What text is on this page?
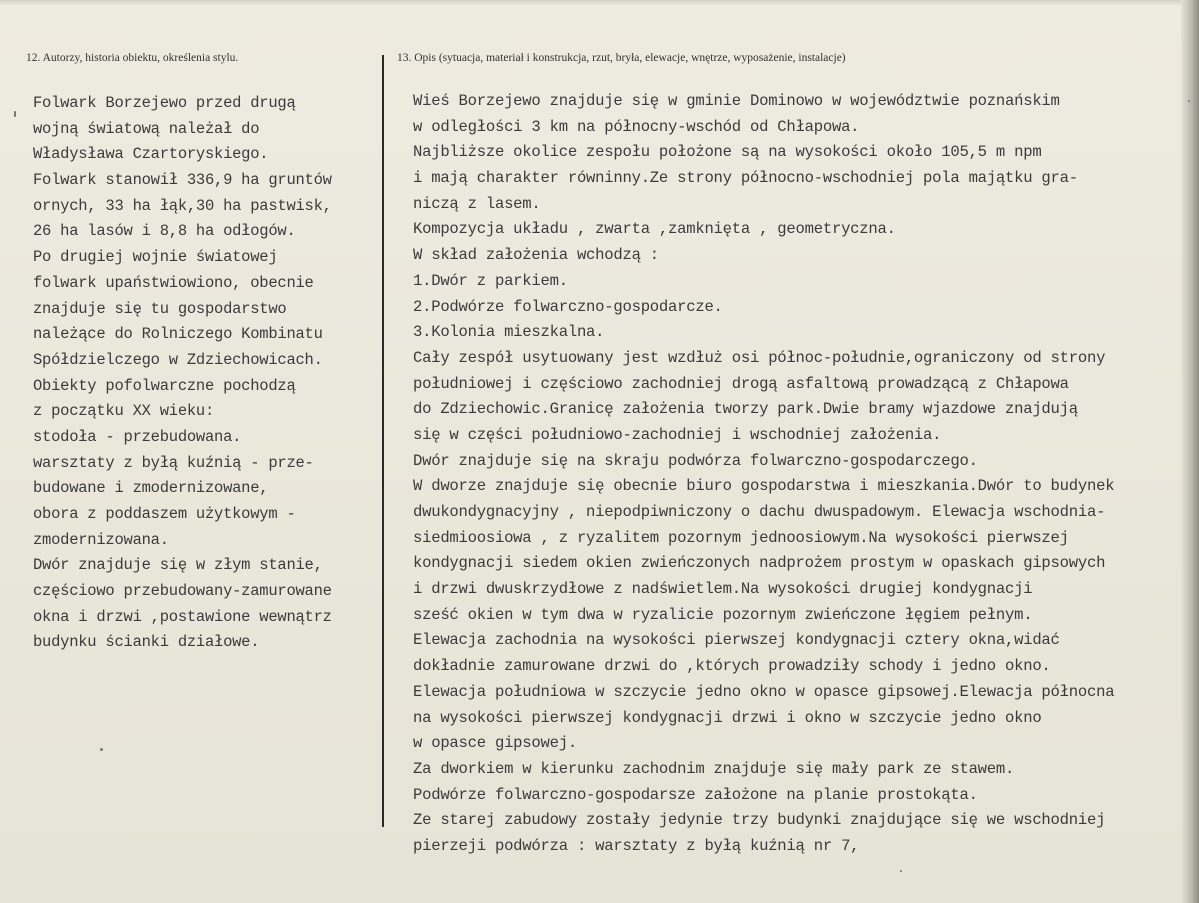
12. Autorzy, historia obiektu, określenia stylu.	13. Opis (sytuacja, materiał i konstrukcja, rzut, bryła, elewacje, wnętrze, wyposażenie, instalacje)
Folwark Borzejewo przed drugą
wojną światową należał do
Władysława Czartoryskiego.
Folwark stanowił 336,9 ha gruntów
ornych, 33 ha łąk,30 ha pastwisk,
26 ha lasów i 8,8 ha odłogów.
Po drugiej wojnie światowej
folwark upaństwiowiono, obecnie
znajduje się tu gospodarstwo
należące do Rolniczego Kombinatu
Spółdzielczego w Zdziechowicach.
Obiekty pofolwarczne pochodzą
z początku XX wieku:
stodoła - przebudowana.
warsztaty z byłą kuźnią - prze-
budowane i zmodernizowane,
obora z poddaszem użytkowym -
zmodernizowana.
Dwór znajduje się w złym stanie,
częściowo przebudowany-zamurowane
okna i drzwi ,postawione wewnątrz
budynku ścianki działowe.
Wieś Borzejewo znajduje się w gminie Dominowo w województwie poznańskim
w odległości 3 km na północny-wschód od Chłapowa.
Najbliższe okolice zespołu położone są na wysokości około 105,5 m npm
i mają charakter równinny.Ze strony północno-wschodniej pola majątku gra-
niczą z lasem.
Kompozycja układu , zwarta ,zamknięta , geometryczna.
W skład założenia wchodzą :
1.Dwór z parkiem.
2.Podwórze folwarczno-gospodarcze.
3.Kolonia mieszkalna.
Cały zespół usytuowany jest wzdłuż osi północ-południe,ograniczony od strony
południowej i częściowo zachodniej drogą asfaltową prowadzącą z Chłapowa
do Zdziechowic.Granicę założenia tworzy park.Dwie bramy wjazdowe znajdują
się w części południowo-zachodniej i wschodniej założenia.
Dwór znajduje się na skraju podwórza folwarczno-gospodarczego.
W dworze znajduje się obecnie biuro gospodarstwa i mieszkania.Dwór to budynek
dwukondygnacyjny , niepodpiwniczony o dachu dwuspadowym. Elewacja wschodnia-
siedmioosiowa , z ryzalitem pozornym jednoosiowym.Na wysokości pierwszej
kondygnacji siedem okien zwieńczonych nadprożem prostym w opaskach gipsowych
i drzwi dwuskrzydłowe z nadświetlem.Na wysokości drugiej kondygnacji
sześć okien w tym dwa w ryzalicie pozornym zwieńczone łęgiem pełnym.
Elewacja zachodnia na wysokości pierwszej kondygnacji cztery okna,widać
dokładnie zamurowane drzwi do ,których prowadziły schody i jedno okno.
Elewacja południowa w szczycie jedno okno w opasce gipsowej.Elewacja północna
na wysokości pierwszej kondygnacji drzwi i okno w szczycie jedno okno
w opasce gipsowej.
Za dworkiem w kierunku zachodnim znajduje się mały park ze stawem.
Podwórze folwarczno-gospodarsze założone na planie prostokąta.
Ze starej zabudowy zostały jedynie trzy budynki znajdujące się we wschodniej
pierzeji podwórza : warsztaty z byłą kuźnią nr 7,
